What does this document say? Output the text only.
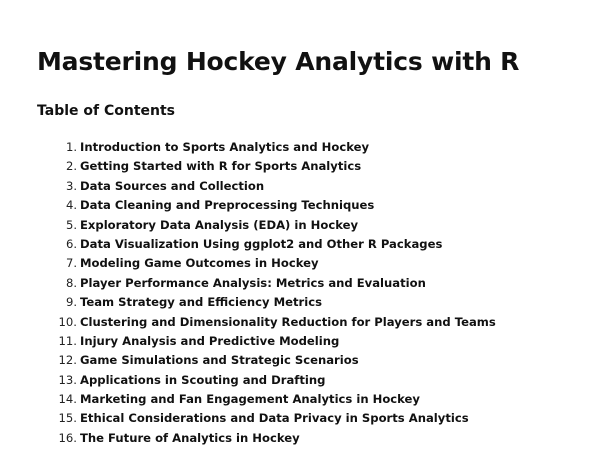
Mastering Hockey Analytics with R
Table of Contents
1. Introduction to Sports Analytics and Hockey
2. Getting Started with R for Sports Analytics
3. Data Sources and Collection
4. Data Cleaning and Preprocessing Techniques
5. Exploratory Data Analysis (EDA) in Hockey
6. Data Visualization Using ggplot2 and Other R Packages
7. Modeling Game Outcomes in Hockey
8. Player Performance Analysis: Metrics and Evaluation
9. Team Strategy and Efficiency Metrics
10. Clustering and Dimensionality Reduction for Players and Teams
11. Injury Analysis and Predictive Modeling
12. Game Simulations and Strategic Scenarios
13. Applications in Scouting and Drafting
14. Marketing and Fan Engagement Analytics in Hockey
15. Ethical Considerations and Data Privacy in Sports Analytics
16. The Future of Analytics in Hockey
